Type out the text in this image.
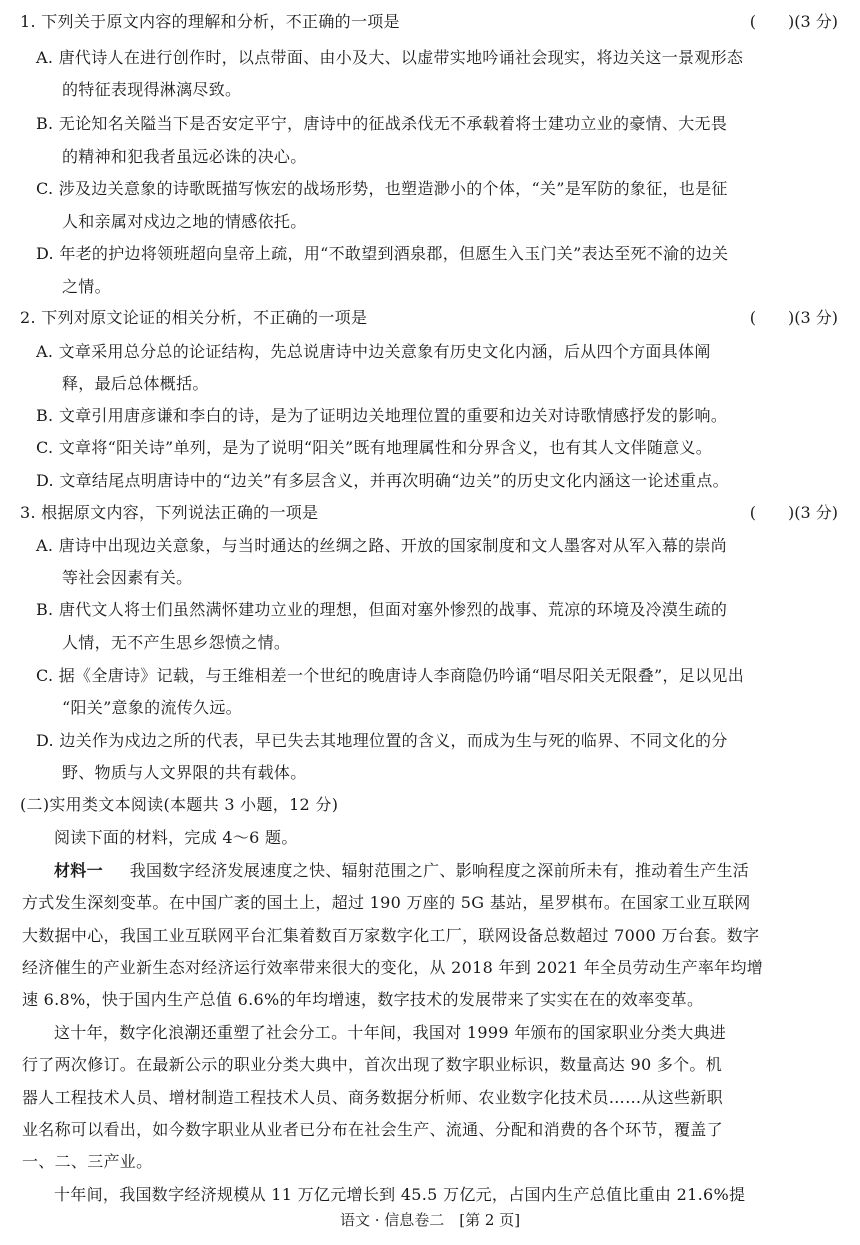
1. 下列关于原文内容的理解和分析，不正确的一项是	(　　)(3 分)
A. 唐代诗人在进行创作时，以点带面、由小及大、以虚带实地吟诵社会现实，将边关这一景观形态
的特征表现得淋漓尽致。
B. 无论知名关隘当下是否安定平宁，唐诗中的征战杀伐无不承载着将士建功立业的豪情、大无畏
的精神和犯我者虽远必诛的决心。
C. 涉及边关意象的诗歌既描写恢宏的战场形势，也塑造渺小的个体，“关”是军防的象征，也是征
人和亲属对戍边之地的情感依托。
D. 年老的护边将领班超向皇帝上疏，用“不敢望到酒泉郡，但愿生入玉门关”表达至死不渝的边关
之情。
2. 下列对原文论证的相关分析，不正确的一项是	(　　)(3 分)
A. 文章采用总分总的论证结构，先总说唐诗中边关意象有历史文化内涵，后从四个方面具体阐
释，最后总体概括。
B. 文章引用唐彦谦和李白的诗，是为了证明边关地理位置的重要和边关对诗歌情感抒发的影响。
C. 文章将“阳关诗”单列，是为了说明“阳关”既有地理属性和分界含义，也有其人文伴随意义。
D. 文章结尾点明唐诗中的“边关”有多层含义，并再次明确“边关”的历史文化内涵这一论述重点。
3. 根据原文内容，下列说法正确的一项是	(　　)(3 分)
A. 唐诗中出现边关意象，与当时通达的丝绸之路、开放的国家制度和文人墨客对从军入幕的崇尚
等社会因素有关。
B. 唐代文人将士们虽然满怀建功立业的理想，但面对塞外惨烈的战事、荒凉的环境及冷漠生疏的
人情，无不产生思乡怨愤之情。
C. 据《全唐诗》记载，与王维相差一个世纪的晚唐诗人李商隐仍吟诵“唱尽阳关无限叠”，足以见出
“阳关”意象的流传久远。
D. 边关作为戍边之所的代表，早已失去其地理位置的含义，而成为生与死的临界、不同文化的分
野、物质与人文界限的共有载体。
(二)实用类文本阅读(本题共 3 小题，12 分)
阅读下面的材料，完成 4～6 题。
材料一 我国数字经济发展速度之快、辐射范围之广、影响程度之深前所未有，推动着生产生活
方式发生深刻变革。在中国广袤的国土上，超过 190 万座的 5G 基站，星罗棋布。在国家工业互联网
大数据中心，我国工业互联网平台汇集着数百万家数字化工厂，联网设备总数超过 7000 万台套。数字
经济催生的产业新生态对经济运行效率带来很大的变化，从 2018 年到 2021 年全员劳动生产率年均增
速 6.8%，快于国内生产总值 6.6%的年均增速，数字技术的发展带来了实实在在的效率变革。
这十年，数字化浪潮还重塑了社会分工。十年间，我国对 1999 年颁布的国家职业分类大典进
行了两次修订。在最新公示的职业分类大典中，首次出现了数字职业标识，数量高达 90 多个。机
器人工程技术人员、增材制造工程技术人员、商务数据分析师、农业数字化技术员……从这些新职
业名称可以看出，如今数字职业从业者已分布在社会生产、流通、分配和消费的各个环节，覆盖了
一、二、三产业。
十年间，我国数字经济规模从 11 万亿元增长到 45.5 万亿元，占国内生产总值比重由 21.6%提
语文 · 信息卷二　[第 2 页]
